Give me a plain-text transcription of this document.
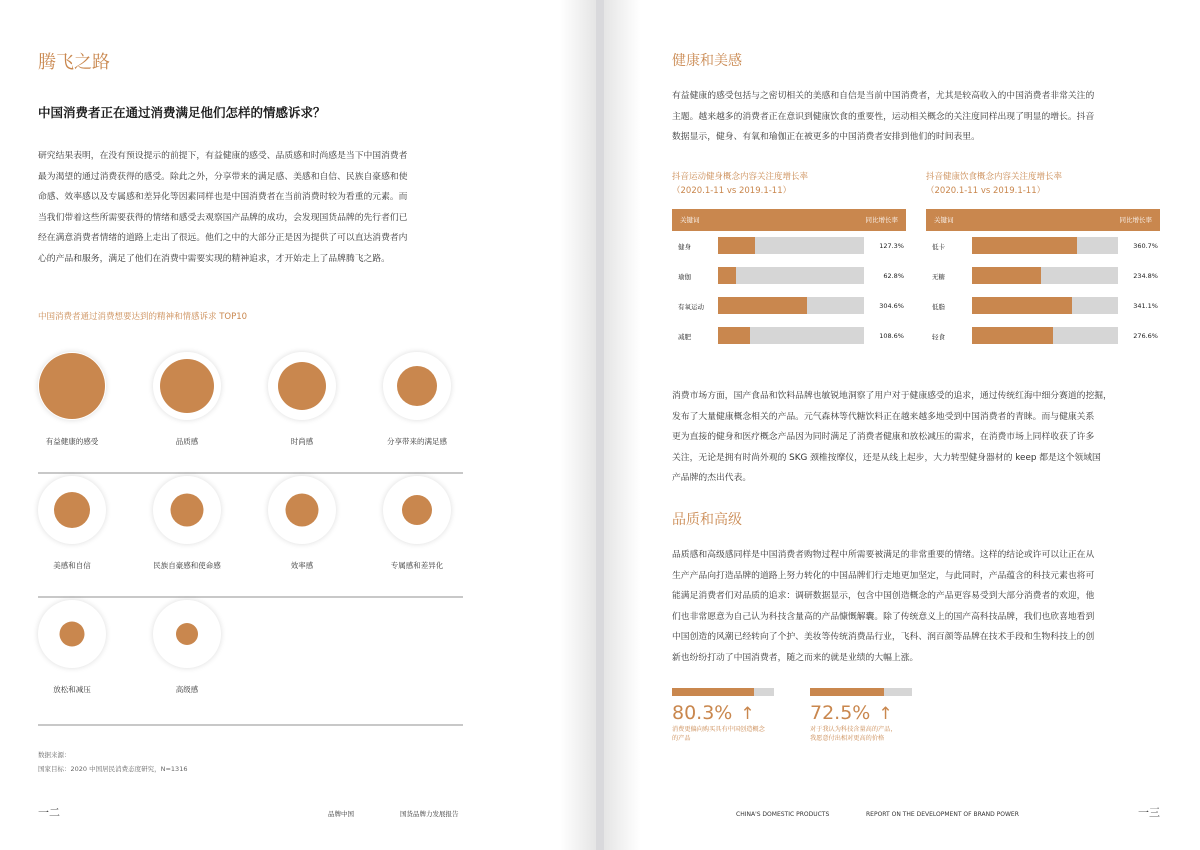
腾飞之路
中国消费者正在通过消费满足他们怎样的情感诉求？
研究结果表明，在没有预设提示的前提下，有益健康的感受、品质感和时尚感是当下中国消费者
最为渴望的通过消费获得的感受。除此之外，分享带来的满足感、美感和自信、民族自豪感和使
命感、效率感以及专属感和差异化等因素同样也是中国消费者在当前消费时较为看重的元素。而
当我们带着这些所需要获得的情绪和感受去观察国产品牌的成功，会发现国货品牌的先行者们已
经在满意消费者情绪的道路上走出了很远。他们之中的大部分正是因为提供了可以直达消费者内
心的产品和服务，满足了他们在消费中需要实现的精神追求，才开始走上了品牌腾飞之路。
中国消费者通过消费想要达到的精神和情感诉求 TOP10
有益健康的感受	品质感	时尚感	分享带来的满足感
美感和自信	民族自豪感和使命感	效率感	专属感和差异化
放松和减压	高级感
数据来源：
国家目标：2020 中国居民消费态度研究，N=1316
一二	品牌中国	国货品牌力发展报告
健康和美感
有益健康的感受包括与之密切相关的美感和自信是当前中国消费者，尤其是较高收入的中国消费者非常关注的
主题。越来越多的消费者正在意识到健康饮食的重要性，运动相关概念的关注度同样出现了明显的增长。抖音
数据显示，健身、有氧和瑜伽正在被更多的中国消费者安排到他们的时间表里。
抖音运动健身概念内容关注度增长率
（2020.1-11 vs 2019.1-11）
抖音健康饮食概念内容关注度增长率
（2020.1-11 vs 2019.1-11）
关键词	同比增长率
健身	127.3%
瑜伽	62.8%
有氧运动	304.6%
减肥	108.6%
关键词	同比增长率
低卡	360.7%
无糖	234.8%
低脂	341.1%
轻食	276.6%
消费市场方面，国产食品和饮料品牌也敏锐地洞察了用户对于健康感受的追求，通过传统红海中细分赛道的挖掘，
发布了大量健康概念相关的产品。元气森林等代糖饮料正在越来越多地受到中国消费者的青睐。而与健康关系
更为直接的健身和医疗概念产品因为同时满足了消费者健康和放松减压的需求，在消费市场上同样收获了许多
关注，无论是拥有时尚外观的 SKG 颈椎按摩仪，还是从线上起步，大力转型健身器材的 keep 都是这个领域国
产品牌的杰出代表。
品质和高级
品质感和高级感同样是中国消费者购物过程中所需要被满足的非常重要的情绪。这样的结论或许可以让正在从
生产产品向打造品牌的道路上努力转化的中国品牌们行走地更加坚定，与此同时，产品蕴含的科技元素也将可
能满足消费者们对品质的追求：调研数据显示，包含中国创造概念的产品更容易受到大部分消费者的欢迎，他
们也非常愿意为自己认为科技含量高的产品慷慨解囊。除了传统意义上的国产高科技品牌，我们也欣喜地看到
中国创造的风潮已经转向了个护、美妆等传统消费品行业，飞科、润百颜等品牌在技术手段和生物科技上的创
新也纷纷打动了中国消费者，随之而来的就是业绩的大幅上涨。
80.3% ↑
消费更偏向购买具有中国创造概念
的产品
72.5% ↑
对于我认为科技含量高的产品，
我愿意付出相对更高的价格
CHINA'S DOMESTIC PRODUCTS	REPORT ON THE DEVELOPMENT OF BRAND POWER	一三
